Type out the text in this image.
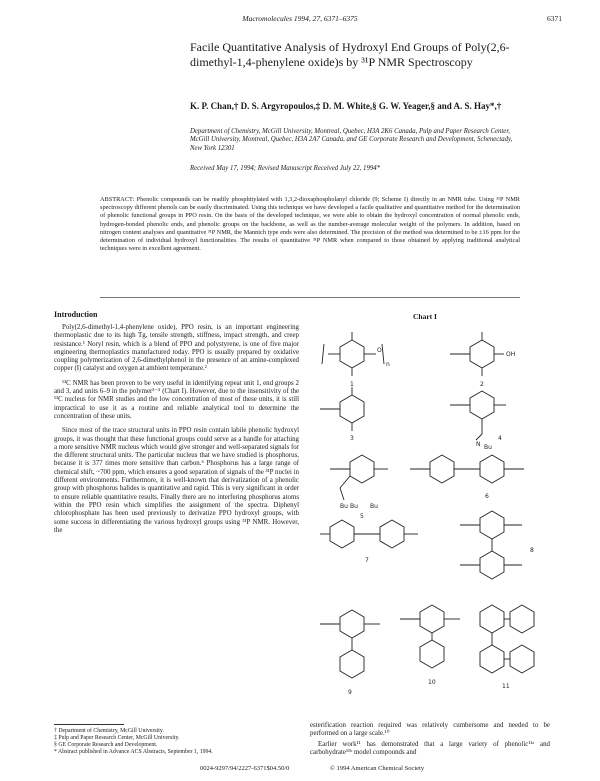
Macromolecules 1994, 27, 6371–6375	6371
Facile Quantitative Analysis of Hydroxyl End Groups of Poly(2,6-dimethyl-1,4-phenylene oxide)s by ³¹P NMR Spectroscopy
K. P. Chan,† D. S. Argyropoulos,‡ D. M. White,§ G. W. Yeager,§ and A. S. Hay*,†
Department of Chemistry, McGill University, Montreal, Quebec, H3A 2K6 Canada, Pulp and Paper Research Center, McGill University, Montreal, Quebec, H3A 2A7 Canada, and GE Corporate Research and Development, Schenectady, New York 12301
Received May 17, 1994; Revised Manuscript Received July 22, 1994*
ABSTRACT: Phenolic compounds can be readily phosphitylated with 1,3,2-dioxaphospholanyl chloride (9; Scheme I) directly in an NMR tube. Using ³¹P NMR spectroscopy different phenols can be easily discriminated. Using this technique we have developed a facile qualitative and quantitative method for the determination of phenolic functional groups in PPO resin. On the basis of the developed technique, we were able to obtain the hydroxyl concentration of normal phenolic ends, hydrogen-bonded phenolic ends, and phenolic groups on the backbone, as well as the number-average molecular weight of the polymers. In addition, based on nitrogen content analyses and quantitative ³¹P NMR, the Mannich type ends were also determined. The precision of the method was determined to be ±16 ppm for the determination of individual hydroxyl functionalities. The results of quantitative ³¹P NMR when compared to those obtained by applying traditional analytical techniques were in excellent agreement.
Introduction

Poly(2,6-dimethyl-1,4-phenylene oxide), PPO resin, is an important engineering thermoplastic due to its high Tg, tensile strength, stiffness, impact strength, and creep resistance.¹ Noryl resin, which is a blend of PPO and polystyrene, is one of five major engineering thermoplastics manufactured today. PPO is usually prepared by oxidative coupling polymerization of 2,6-dimethylphenol in the presence of an amine-complexed copper (I) catalyst and oxygen at ambient temperature.²

¹³C NMR has been proven to be very useful in identifying repeat unit 1, end groups 2 and 3, and units 6–9 in the polymer³⁻⁵ (Chart I). However, due to the insensitivity of the ¹³C nucleus for NMR studies and the low concentration of most of these units, it is still impractical to use it as a routine and reliable analytical tool to determine the concentration of these units.

Since most of the trace structural units in PPO resin contain labile phenolic hydroxyl groups, it was thought that these functional groups could serve as a handle for attaching a more sensitive NMR nucleus which would give stronger and well-separated signals for the different structural units. The particular nucleus that we have studied is phosphorus, because it is 377 times more sensitive than carbon.⁶ Phosphorus has a large range of chemical shift, ~700 ppm, which ensures a good separation of signals of the ³¹P nuclei in different environments. Furthermore, it is well-known that derivatization of a phenolic group with phosphorus halides is quantitative and rapid. This is very significant in order to ensure reliable quantitative results. Finally there are no interfering phosphorus atoms within the PPO resin which simplifies the assignment of the spectra. Diphenyl chlorophosphate has been used previously to derivatize PPO hydroxyl groups, with some success in differentiating the various hydroxyl groups using ³¹P NMR. However, the

† Department of Chemistry, McGill University.
‡ Pulp and Paper Research Center, McGill University.
§ GE Corporate Research and Development.
* Abstract published in Advance ACS Abstracts, September 1, 1994.
Chart I
O
n
OH
N Bu
Bu Bu Bu
1	2
3	4
5
6
7
8
9
10
11

esterification reaction required was relatively cumbersome and needed to be performed on a large scale.¹⁰

Earlier work¹¹ has demonstrated that a large variety of phenolic¹¹ᵃ and carbohydrate¹¹ᵇ model compounds and

0024-9297/94/2227-6371$04.50/0	© 1994 American Chemical Society
